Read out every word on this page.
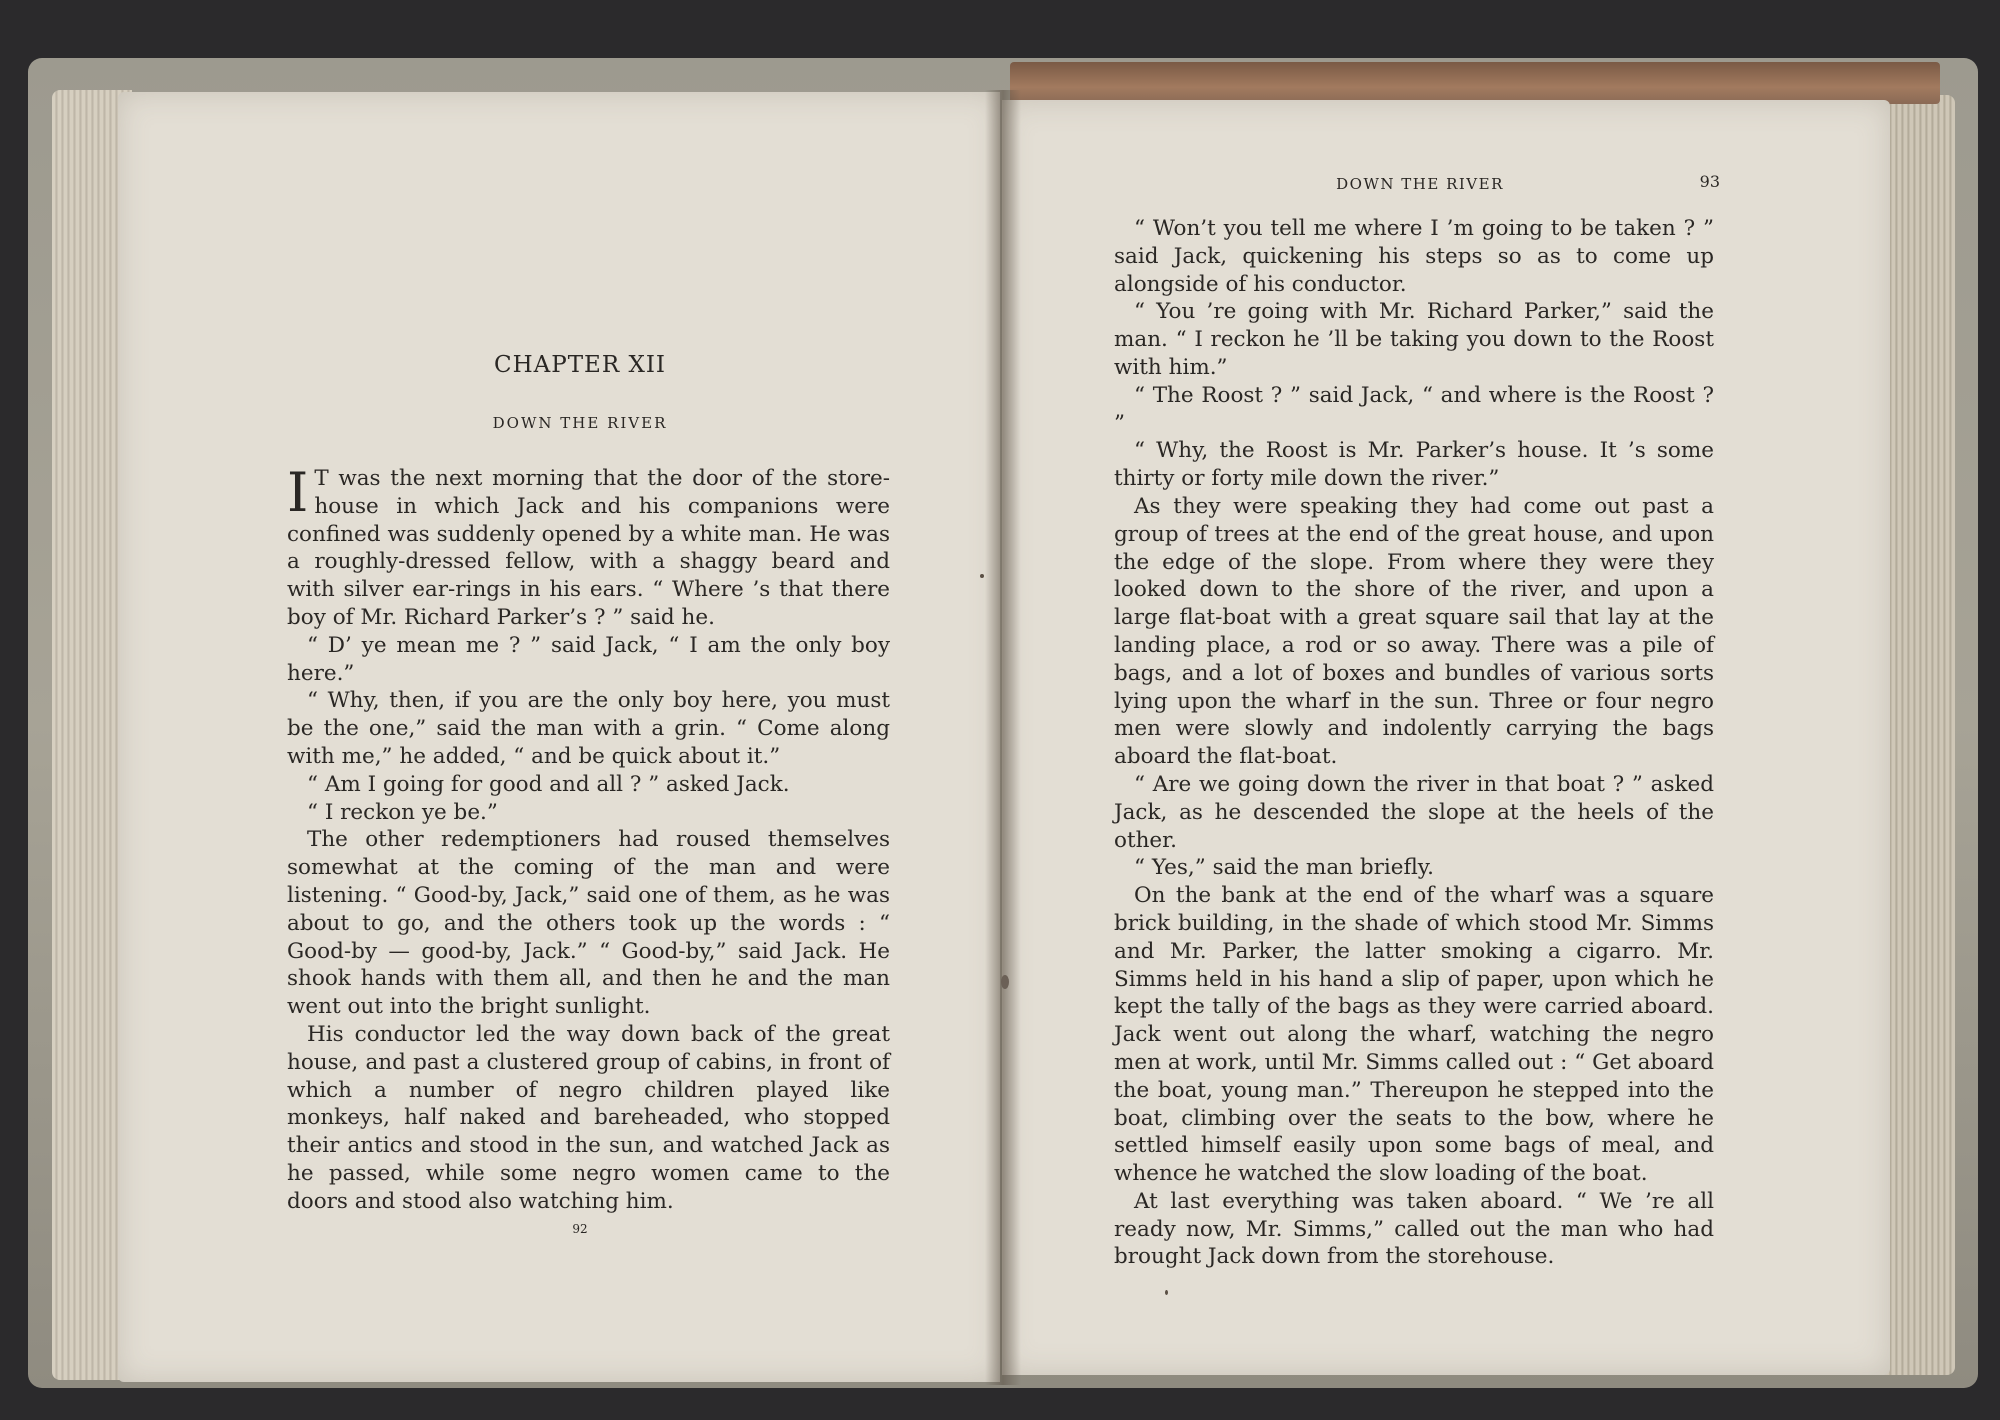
CHAPTER XII
DOWN THE RIVER

I T was the next morning that the door of the store-house in which Jack and his companions were confined was suddenly opened by a white man. He was a roughly-dressed fellow, with a shaggy beard and with silver ear-rings in his ears. “ Where ’s that there boy of Mr. Richard Parker’s ? ” said he.

“ D’ ye mean me ? ” said Jack, “ I am the only boy here.”

“ Why, then, if you are the only boy here, you must be the one,” said the man with a grin. “ Come along with me,” he added, “ and be quick about it.”

“ Am I going for good and all ? ” asked Jack.

“ I reckon ye be.”

The other redemptioners had roused themselves somewhat at the coming of the man and were listening. “ Good-by, Jack,” said one of them, as he was about to go, and the others took up the words : “ Good-by — good-by, Jack.” “ Good-by,” said Jack. He shook hands with them all, and then he and the man went out into the bright sunlight.

His conductor led the way down back of the great house, and past a clustered group of cabins, in front of which a number of negro children played like monkeys, half naked and bareheaded, who stopped their antics and stood in the sun, and watched Jack as he passed, while some negro women came to the doors and stood also watching him.

92
DOWN THE RIVER	93

“ Won’t you tell me where I ’m going to be taken ? ” said Jack, quickening his steps so as to come up alongside of his conductor.

“ You ’re going with Mr. Richard Parker,” said the man. “ I reckon he ’ll be taking you down to the Roost with him.”

“ The Roost ? ” said Jack, “ and where is the Roost ? ”

“ Why, the Roost is Mr. Parker’s house. It ’s some thirty or forty mile down the river.”

As they were speaking they had come out past a group of trees at the end of the great house, and upon the edge of the slope. From where they were they looked down to the shore of the river, and upon a large flat-boat with a great square sail that lay at the landing place, a rod or so away. There was a pile of bags, and a lot of boxes and bundles of various sorts lying upon the wharf in the sun. Three or four negro men were slowly and indolently carrying the bags aboard the flat-boat.

“ Are we going down the river in that boat ? ” asked Jack, as he descended the slope at the heels of the other.

“ Yes,” said the man briefly.

On the bank at the end of the wharf was a square brick building, in the shade of which stood Mr. Simms and Mr. Parker, the latter smoking a cigarro. Mr. Simms held in his hand a slip of paper, upon which he kept the tally of the bags as they were carried aboard. Jack went out along the wharf, watching the negro men at work, until Mr. Simms called out : “ Get aboard the boat, young man.” Thereupon he stepped into the boat, climbing over the seats to the bow, where he settled himself easily upon some bags of meal, and whence he watched the slow loading of the boat.

At last everything was taken aboard. “ We ’re all ready now, Mr. Simms,” called out the man who had brought Jack down from the storehouse.
